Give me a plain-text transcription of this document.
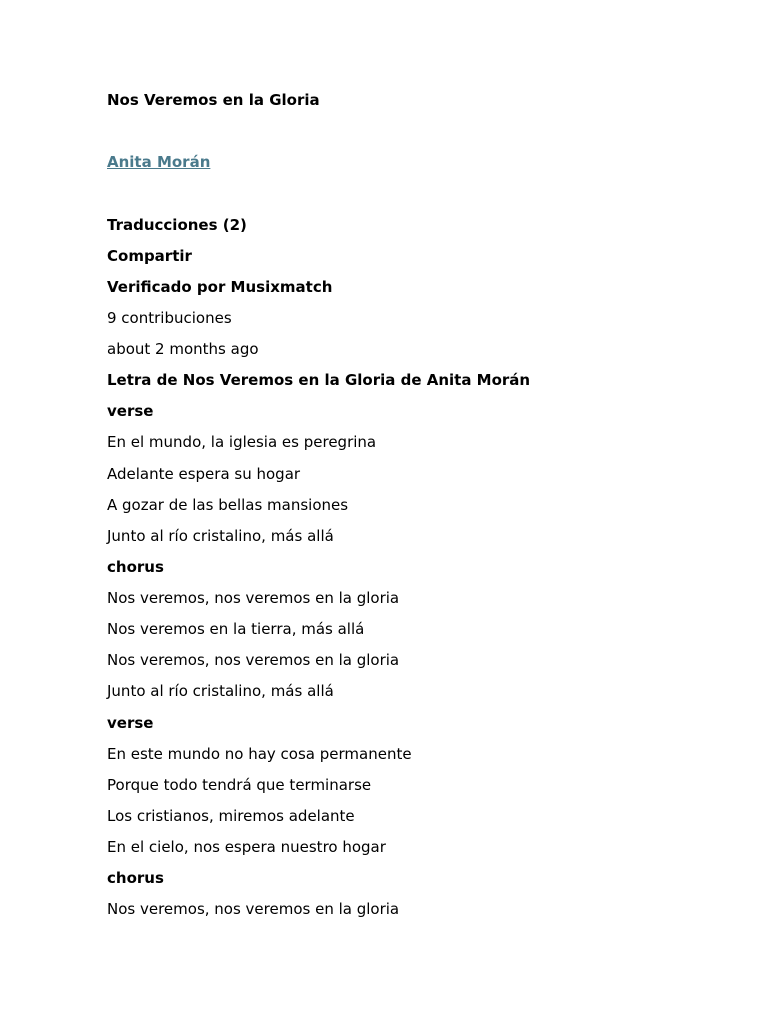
Nos Veremos en la Gloria
Anita Morán
Traducciones (2)
Compartir
Verificado por Musixmatch
9 contribuciones
about 2 months ago
Letra de Nos Veremos en la Gloria de Anita Morán
verse
En el mundo, la iglesia es peregrina
Adelante espera su hogar
A gozar de las bellas mansiones
Junto al río cristalino, más allá
chorus
Nos veremos, nos veremos en la gloria
Nos veremos en la tierra, más allá
Nos veremos, nos veremos en la gloria
Junto al río cristalino, más allá
verse
En este mundo no hay cosa permanente
Porque todo tendrá que terminarse
Los cristianos, miremos adelante
En el cielo, nos espera nuestro hogar
chorus
Nos veremos, nos veremos en la gloria
